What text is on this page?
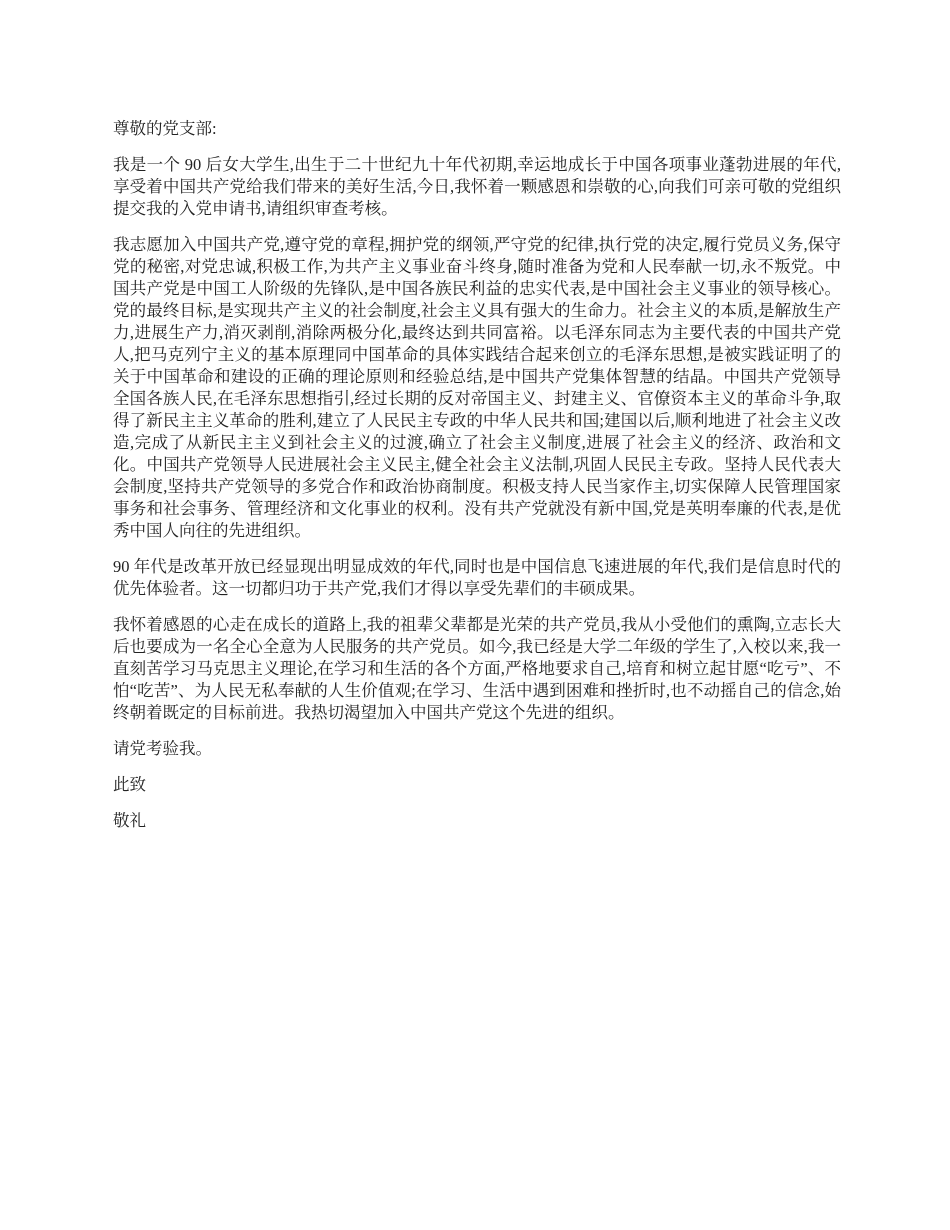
尊敬的党支部:

我是一个 90 后女大学生,出生于二十世纪九十年代初期,幸运地成长于中国各项事业蓬勃进展的年代,享受着中国共产党给我们带来的美好生活,今日,我怀着一颗感恩和崇敬的心,向我们可亲可敬的党组织提交我的入党申请书,请组织审查考核。

我志愿加入中国共产党,遵守党的章程,拥护党的纲领,严守党的纪律,执行党的决定,履行党员义务,保守党的秘密,对党忠诚,积极工作,为共产主义事业奋斗终身,随时准备为党和人民奉献一切,永不叛党。中国共产党是中国工人阶级的先锋队,是中国各族民利益的忠实代表,是中国社会主义事业的领导核心。党的最终目标,是实现共产主义的社会制度,社会主义具有强大的生命力。社会主义的本质,是解放生产力,进展生产力,消灭剥削,消除两极分化,最终达到共同富裕。以毛泽东同志为主要代表的中国共产党人,把马克列宁主义的基本原理同中国革命的具体实践结合起来创立的毛泽东思想,是被实践证明了的关于中国革命和建设的正确的理论原则和经验总结,是中国共产党集体智慧的结晶。中国共产党领导全国各族人民,在毛泽东思想指引,经过长期的反对帝国主义、封建主义、官僚资本主义的革命斗争,取得了新民主主义革命的胜利,建立了人民民主专政的中华人民共和国;建国以后,顺利地进了社会主义改造,完成了从新民主主义到社会主义的过渡,确立了社会主义制度,进展了社会主义的经济、政治和文化。中国共产党领导人民进展社会主义民主,健全社会主义法制,巩固人民民主专政。坚持人民代表大会制度,坚持共产党领导的多党合作和政治协商制度。积极支持人民当家作主,切实保障人民管理国家事务和社会事务、管理经济和文化事业的权利。没有共产党就没有新中国,党是英明奉廉的代表,是优秀中国人向往的先进组织。

90 年代是改革开放已经显现出明显成效的年代,同时也是中国信息飞速进展的年代,我们是信息时代的优先体验者。这一切都归功于共产党,我们才得以享受先辈们的丰硕成果。

我怀着感恩的心走在成长的道路上,我的祖辈父辈都是光荣的共产党员,我从小受他们的熏陶,立志长大后也要成为一名全心全意为人民服务的共产党员。如今,我已经是大学二年级的学生了,入校以来,我一直刻苦学习马克思主义理论,在学习和生活的各个方面,严格地要求自己,培育和树立起甘愿“吃亏”、不怕“吃苦”、为人民无私奉献的人生价值观;在学习、生活中遇到困难和挫折时,也不动摇自己的信念,始终朝着既定的目标前进。我热切渴望加入中国共产党这个先进的组织。

请党考验我。

此致

敬礼
